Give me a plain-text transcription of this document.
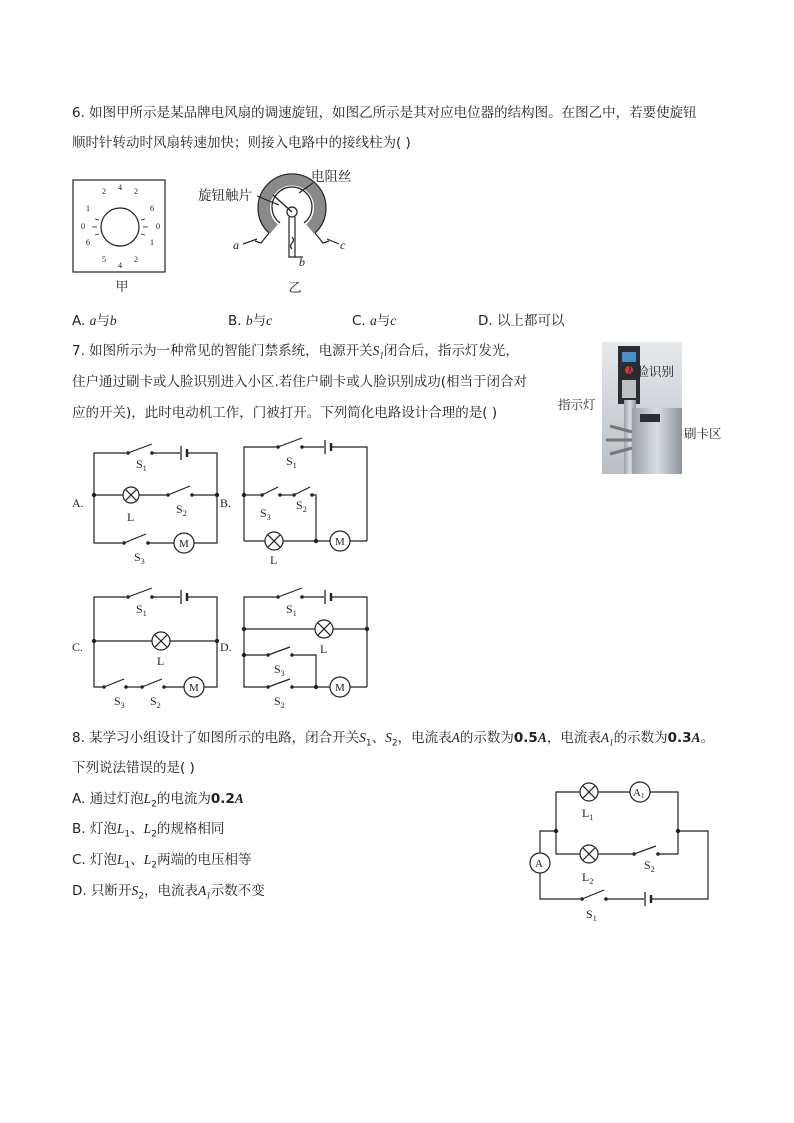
6. 如图甲所示是某品牌电风扇的调速旋钮，如图乙所示是其对应电位器的结构图。在图乙中，若要使旋钮
顺时针转动时风扇转速加快；则接入电路中的接线柱为( )
4
2	2
1	6
0	0
6	1
5	2
4
甲
旋钮触片
电阻丝
a	c
b
乙
A. a与b	B. b与c	C. a与c	D. 以上都可以
7. 如图所示为一种常见的智能门禁系统，电源开关$S_1$闭合后，指示灯发光，
住户通过刷卡或人脸识别进入小区.若住户刷卡或人脸识别成功(相当于闭合对
应的开关)，此时电动机工作，门被打开。下列简化电路设计合理的是( )
人脸识别
指示灯
刷卡区
A.
$S_1$
L
$S_2$
M
$S_3$
B.
$S_1$
$S_3$
$S_2$
M
L
C.
$S_1$
L
M
$S_3$ $S_2$
D.
$S_1$
L
M
$S_3$
$S_2$
8. 某学习小组设计了如图所示的电路，闭合开关$S_1$、$S_2$，电流表A的示数为0.5A，电流表$A_1$的示数为0.3A。
下列说法错误的是( )
A. 通过灯泡$L_2$的电流为0.2A
B. 灯泡$L_1$、$L_2$的规格相同
C. 灯泡$L_1$、$L_2$两端的电压相等
D. 只断开$S_2$，电流表$A_1$示数不变
A1
$L_1$
$L_2$
$S_2$
A
$S_1$
